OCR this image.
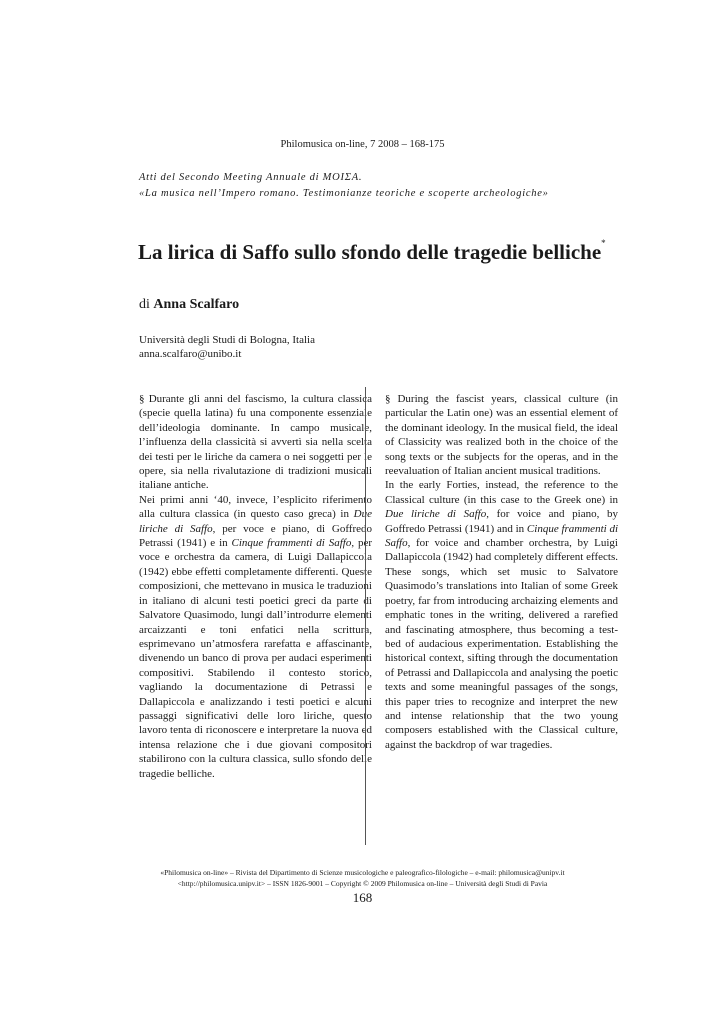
Philomusica on-line, 7 2008 – 168-175
Atti del Secondo Meeting Annuale di ΜΟΙΣΑ.
«La musica nell’Impero romano. Testimonianze teoriche e scoperte archeologiche»
La lirica di Saffo sullo sfondo delle tragedie belliche*
di Anna Scalfaro
Università degli Studi di Bologna, Italia
anna.scalfaro@unibo.it

§ Durante gli anni del fascismo, la cultura classica (specie quella latina) fu una componente essenziale dell’ideologia dominante. In campo musicale, l’influenza della classicità si avvertì sia nella scelta dei testi per le liriche da camera o nei soggetti per le opere, sia nella rivalutazione di tradizioni musicali italiane antiche.

Nei primi anni ‘40, invece, l’esplicito riferimento alla cultura classica (in questo caso greca) in Due liriche di Saffo, per voce e piano, di Goffredo Petrassi (1941) e in Cinque frammenti di Saffo, per voce e orchestra da camera, di Luigi Dallapiccola (1942) ebbe effetti completamente differenti. Queste composizioni, che mettevano in musica le traduzioni in italiano di alcuni testi poetici greci da parte di Salvatore Quasimodo, lungi dall’introdurre elementi arcaizzanti e toni enfatici nella scrittura, esprimevano un’atmosfera rarefatta e affascinante, divenendo un banco di prova per audaci esperimenti compositivi. Stabilendo il contesto storico, vagliando la documentazione di Petrassi e Dallapiccola e analizzando i testi poetici e alcuni passaggi significativi delle loro liriche, questo lavoro tenta di riconoscere e interpretare la nuova ed intensa relazione che i due giovani compositori stabilirono con la cultura classica, sullo sfondo delle tragedie belliche.

§ During the fascist years, classical culture (in particular the Latin one) was an essential element of the dominant ideology. In the musical field, the ideal of Classicity was realized both in the choice of the song texts or the subjects for the operas, and in the reevaluation of Italian ancient musical traditions.

In the early Forties, instead, the reference to the Classical culture (in this case to the Greek one) in Due liriche di Saffo, for voice and piano, by Goffredo Petrassi (1941) and in Cinque frammenti di Saffo, for voice and chamber orchestra, by Luigi Dallapiccola (1942) had completely different effects. These songs, which set music to Salvatore Quasimodo’s translations into Italian of some Greek poetry, far from introducing archaizing elements and emphatic tones in the writing, delivered a rarefied and fascinating atmosphere, thus becoming a test-bed of audacious experimentation. Establishing the historical context, sifting through the documentation of Petrassi and Dallapiccola and analysing the poetic texts and some meaningful passages of the songs, this paper tries to recognize and interpret the new and intense relationship that the two young composers established with the Classical culture, against the backdrop of war tragedies.

«Philomusica on-line» – Rivista del Dipartimento di Scienze musicologiche e paleografico-filologiche – e-mail: philomusica@unipv.it
<http://philomusica.unipv.it> – ISSN 1826-9001 – Copyright © 2009 Philomusica on-line – Università degli Studi di Pavia
168
